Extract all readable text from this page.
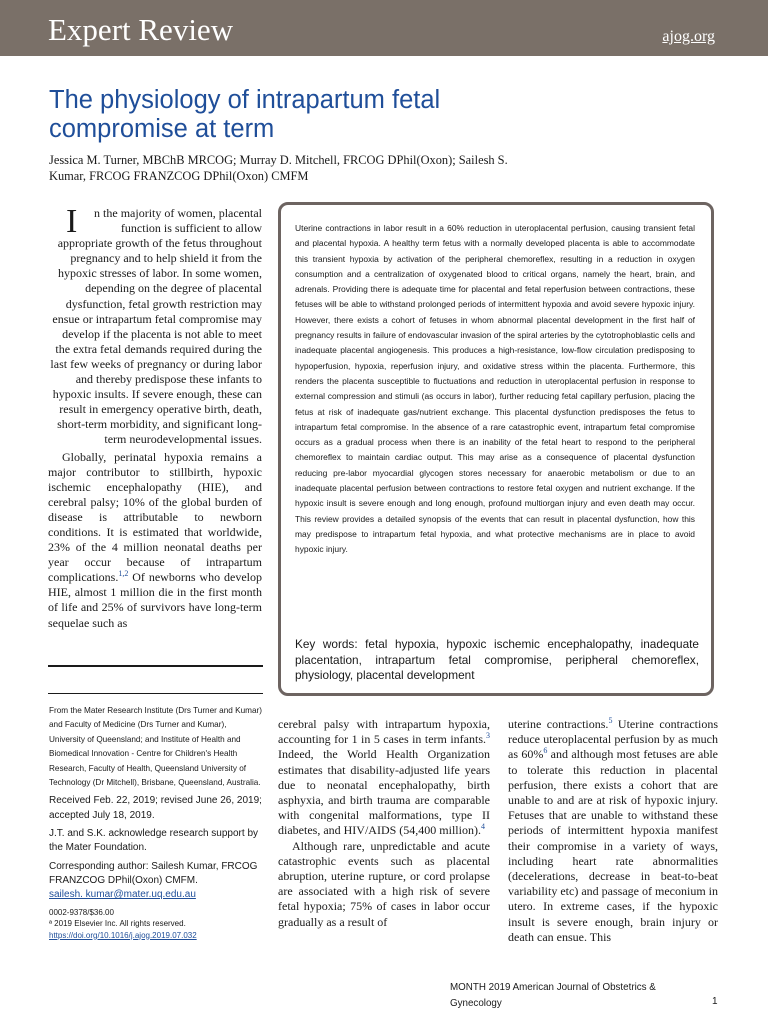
Expert Review	ajog.org
The physiology of intrapartum fetal compromise at term
Jessica M. Turner, MBChB MRCOG; Murray D. Mitchell, FRCOG DPhil(Oxon); Sailesh S. Kumar, FRCOG FRANZCOG DPhil(Oxon) CMFM

I n the majority of women, placental function is sufficient to allow appropriate growth of the fetus throughout pregnancy and to help shield it from the hypoxic stresses of labor. In some women, depending on the degree of placental dysfunction, fetal growth restriction may ensue or intrapartum fetal compromise may develop if the placenta is not able to meet the extra fetal demands required during the last few weeks of pregnancy or during labor and thereby predispose these infants to hypoxic insults. If severe enough, these can result in emergency operative birth, death, short-term morbidity, and significant long-term neurodevelopmental issues.

Globally, perinatal hypoxia remains a major contributor to stillbirth, hypoxic ischemic encephalopathy (HIE), and cerebral palsy; 10% of the global burden of disease is attributable to newborn conditions. It is estimated that worldwide, 23% of the 4 million neonatal deaths per year occur because of intrapartum complications.$^{1,2}$ Of newborns who develop HIE, almost 1 million die in the first month of life and 25% of survivors have long-term sequelae such as

Uterine contractions in labor result in a 60% reduction in uteroplacental perfusion, causing transient fetal and placental hypoxia. A healthy term fetus with a normally developed placenta is able to accommodate this transient hypoxia by activation of the peripheral chemoreflex, resulting in a reduction in oxygen consumption and a centralization of oxygenated blood to critical organs, namely the heart, brain, and adrenals. Providing there is adequate time for placental and fetal reperfusion between contractions, these fetuses will be able to withstand prolonged periods of intermittent hypoxia and avoid severe hypoxic injury. However, there exists a cohort of fetuses in whom abnormal placental development in the first half of pregnancy results in failure of endovascular invasion of the spiral arteries by the cytotrophoblastic cells and inadequate placental angiogenesis. This produces a high-resistance, low-flow circulation predisposing to hypoperfusion, hypoxia, reperfusion injury, and oxidative stress within the placenta. Furthermore, this renders the placenta susceptible to fluctuations and reduction in uteroplacental perfusion in response to external compression and stimuli (as occurs in labor), further reducing fetal capillary perfusion, placing the fetus at risk of inadequate gas/nutrient exchange. This placental dysfunction predisposes the fetus to intrapartum fetal compromise. In the absence of a rare catastrophic event, intrapartum fetal compromise occurs as a gradual process when there is an inability of the fetal heart to respond to the peripheral chemoreflex to maintain cardiac output. This may arise as a consequence of placental dysfunction reducing pre-labor myocardial glycogen stores necessary for anaerobic metabolism or due to an inadequate placental perfusion between contractions to restore fetal oxygen and nutrient exchange. If the hypoxic insult is severe enough and long enough, profound multiorgan injury and even death may occur. This review provides a detailed synopsis of the events that can result in placental dysfunction, how this may predispose to intrapartum fetal hypoxia, and what protective mechanisms are in place to avoid hypoxic injury.
Key words: fetal hypoxia, hypoxic ischemic encephalopathy, inadequate placentation, intrapartum fetal compromise, peripheral chemoreflex, physiology, placental development

From the Mater Research Institute (Drs Turner and Kumar) and Faculty of Medicine (Drs Turner and Kumar), University of Queensland; and Institute of Health and Biomedical Innovation - Centre for Children's Health Research, Faculty of Health, Queensland University of Technology (Dr Mitchell), Brisbane, Queensland, Australia.

Received Feb. 22, 2019; revised June 26, 2019; accepted July 18, 2019.

J.T. and S.K. acknowledge research support by the Mater Foundation.

Corresponding author: Sailesh Kumar, FRCOG FRANZCOG DPhil(Oxon) CMFM.
sailesh. kumar@mater.uq.edu.au

0002-9378/$36.00
ª 2019 Elsevier Inc. All rights reserved.
https://doi.org/10.1016/j.ajog.2019.07.032

cerebral palsy with intrapartum hypoxia, accounting for 1 in 5 cases in term infants.$^3$ Indeed, the World Health Organization estimates that disability-adjusted life years due to neonatal encephalopathy, birth asphyxia, and birth trauma are comparable with congenital malformations, type II diabetes, and HIV/AIDS (54,400 million).$^4$

Although rare, unpredictable and acute catastrophic events such as placental abruption, uterine rupture, or cord prolapse are associated with a high risk of severe fetal hypoxia; 75% of cases in labor occur gradually as a result of

uterine contractions.$^5$ Uterine contractions reduce uteroplacental perfusion by as much as 60%$^6$ and although most fetuses are able to tolerate this reduction in placental perfusion, there exists a cohort that are unable to and are at risk of hypoxic injury. Fetuses that are unable to withstand these periods of intermittent hypoxia manifest their compromise in a variety of ways, including heart rate abnormalities (decelerations, decrease in beat-to-beat variability etc) and passage of meconium in utero. In extreme cases, if the hypoxic insult is severe enough, brain injury or death can ensue. This

MONTH 2019 American Journal of Obstetrics & Gynecology	1
